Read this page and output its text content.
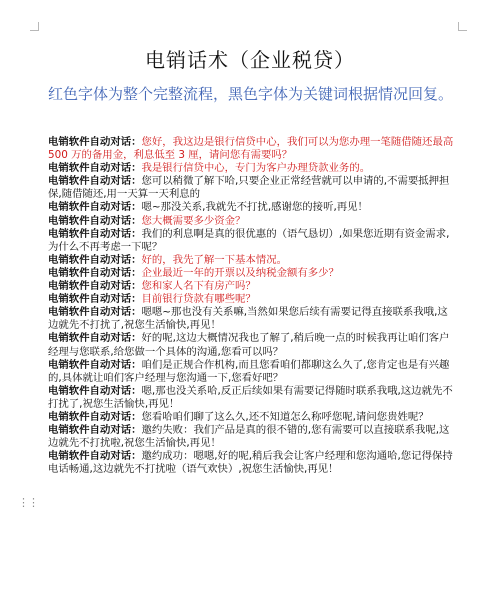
电销话术（企业税贷）
红色字体为整个完整流程，黑色字体为关键词根据情况回复。

电销软件自动对话：您好，我这边是银行信贷中心，我们可以为您办理一笔随借随还最高 500 万的备用金，利息低至 3 厘，请问您有需要吗？

电销软件自动对话：我是银行信贷中心，专门为客户办理贷款业务的。

电销软件自动对话：您可以稍微了解下哈,只要企业正常经营就可以申请的,不需要抵押担保,随借随还,用一天算一天利息的

电销软件自动对话：嗯~那没关系,我就先不打扰,感谢您的接听,再见！

电销软件自动对话：您大概需要多少资金？

电销软件自动对话：我们的利息啊是真的很优惠的（语气恳切）,如果您近期有资金需求,为什么不再考虑一下呢？

电销软件自动对话：好的，我先了解一下基本情况。

电销软件自动对话：企业最近一年的开票以及纳税金额有多少？

电销软件自动对话：您和家人名下有房产吗？

电销软件自动对话：目前银行贷款有哪些呢？

电销软件自动对话：嗯嗯~那也没有关系嘛,当然如果您后续有需要记得直接联系我哦,这边就先不打扰了,祝您生活愉快,再见！

电销软件自动对话：好的呢,这边大概情况我也了解了,稍后晚一点的时候我再让咱们客户经理与您联系,给您做一个具体的沟通,您看可以吗？

电销软件自动对话：咱们是正规合作机构,而且您看咱们都聊这么久了,您肯定也是有兴趣的,具体就让咱们客户经理与您沟通一下,您看好吧？

电销软件自动对话：嗯,那也没关系哈,反正后续如果有需要记得随时联系我哦,这边就先不打扰了,祝您生活愉快,再见！

电销软件自动对话：您看哈咱们聊了这么久,还不知道怎么称呼您呢,请问您贵姓呢？

电销软件自动对话：邀约失败：我们产品是真的很不错的,您有需要可以直接联系我呢,这边就先不打扰啦,祝您生活愉快,再见！

电销软件自动对话：邀约成功：嗯嗯,好的呢,稍后我会让客户经理和您沟通哈,您记得保持电话畅通,这边就先不打扰啦（语气欢快）,祝您生活愉快,再见！

⋮⋮
